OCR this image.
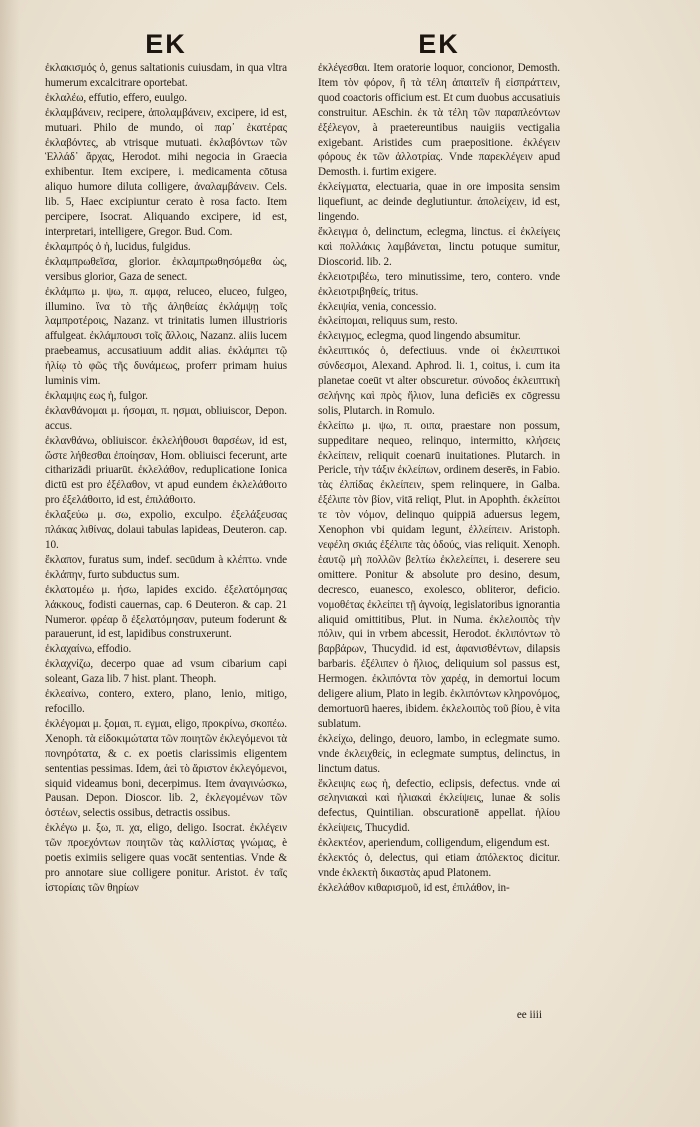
EK

ἐκλακισμός ὁ, genus saltationis cuiusdam, in qua vltra humerum excalcitrare oportebat.

ἐκλαλέω, effutio, effero, euulgo.

ἐκλαμβάνειν, recipere, ἀπολαμβάνειν, excipere, id est, mutuari. Philo de mundo, οἱ παρ᾽ ἑκατέρας ἐκλαβόντες, ab vtrisque mutuati. ἐκλαβόντων τῶν Ἑλλάδ᾽ ἄρχας, Herodot. mihi negocia in Graecia exhibentur. Item excipere, i. medicamenta cōtusa aliquo humore diluta colligere, ἀναλαμβάνειν. Cels. lib. 5, Haec excipiuntur cerato è rosa facto. Item percipere, Isocrat. Aliquando excipere, id est, interpretari, intelligere, Gregor. Bud. Com.

ἐκλαμπρός ὁ ἡ, lucidus, fulgidus.

ἐκλαμπρωθεῖσα, glorior. ἐκλαμπρωθησόμεθα ὡς, versibus glorior, Gaza de senect.

ἐκλάμπω μ. ψω, π. αμφα, reluceo, eluceo, fulgeo, illumino. ἵνα τὸ τῆς ἀληθείας ἐκλάμψῃ τοῖς λαμπροτέροις, Nazanz. vt trinitatis lumen illustrioris affulgeat. ἐκλάμπουσι τοῖς ἄλλοις, Nazanz. aliis lucem praebeamus, accusatiuum addit alias. ἐκλάμπει τῷ ἡλίῳ τὸ φῶς τῆς δυνάμεως, proferr primam huius luminis vim.

ἐκλαμψις εως ἡ, fulgor.

ἐκλανθάνομαι μ. ήσομαι, π. ησμαι, obliuiscor, Depon. accus.

ἐκλανθάνω, obliuiscor. ἐκλελήθουσι θαρσέων, id est, ὥστε λήθεσθαι ἐποίησαν, Hom. obliuisci fecerunt, arte citharizādi priuarūt. ἐκλελάθον, reduplicatione Ionica dictū est pro ἐξέλαθον, vt apud eundem ἐκλελάθοιτο pro ἐξελάθοιτο, id est, ἐπιλάθοιτο.

ἐκλαξεύω μ. σω, expolio, exculpo. ἐξελάξευσας πλάκας λιθίνας, dolaui tabulas lapideas, Deuteron. cap. 10.

ἔκλαπον, furatus sum, indef. secūdum à κλέπτω. vnde ἐκλάπην, furto subductus sum.

ἐκλατομέω μ. ήσω, lapides excido. ἐξελατόμησας λάκκους, fodisti cauernas, cap. 6 Deuteron. & cap. 21 Numeror. φρέαρ ὃ ἐξελατόμησαν, puteum foderunt & parauerunt, id est, lapidibus construxerunt.

ἐκλαχαίνω, effodio.

ἐκλαχνίζω, decerpo quae ad vsum cibarium capi soleant, Gaza lib. 7 hist. plant. Theoph.

ἐκλεαίνω, contero, extero, plano, lenio, mitigo, refocillo.

ἐκλέγομαι μ. ξομαι, π. εγμαι, eligo, προκρίνω, σκοπέω. Xenoph. τὰ εἰδοκιμώτατα τῶν ποιητῶν ἐκλεγόμενοι τὰ πονηρότατα, & c. ex poetis clarissimis eligentem sententias pessimas. Idem, ἀεὶ τὸ ἄριστον ἐκλεγόμενοι, siquid videamus boni, decerpimus. Item ἀναγινώσκω, Pausan. Depon. Dioscor. lib. 2, ἐκλεγομένων τῶν ὀστέων, selectis ossibus, detractis ossibus.

ἐκλέγω μ. ξω, π. χα, eligo, deligo. Isocrat. ἐκλέγειν τῶν προεχόντων ποιητῶν τὰς καλλίστας γνώμας, è poetis eximiis seligere quas vocāt sententias. Vnde & pro annotare siue colligere ponitur. Aristot. ἐν ταῖς ἱστορίαις τῶν θηρίων

EK

ἐκλέγεσθαι. Item oratorie loquor, concionor, Demosth. Item τὸν φόρον, ἢ τὰ τέλη ἀπαιτεῖν ἢ εἰσπράττειν, quod coactoris officium est. Et cum duobus accusatiuis construitur. AEschin. ἐκ τὰ τέλη τῶν παραπλεόντων ἐξέλεγον, à praetereuntibus nauigiis vectigalia exigebant. Aristides cum praepositione. ἐκλέγειν φόρους ἐκ τῶν ἀλλοτρίας. Vnde παρεκλέγειν apud Demosth. i. furtim exigere.

ἐκλείγματα, electuaria, quae in ore imposita sensim liquefiunt, ac deinde deglutiuntur. ἀπολείχειν, id est, lingendo.

ἔκλειγμα ὁ, delinctum, eclegma, linctus. εἰ ἐκλείγεις καὶ πολλάκις λαμβάνεται, linctu potuque sumitur, Dioscorid. lib. 2.

ἐκλειοτριβέω, tero minutissime, tero, contero. vnde ἐκλειοτριβηθείς, tritus.

ἐκλειψία, venia, concessio.

ἐκλείπομαι, reliquus sum, resto.

ἐκλειγμος, eclegma, quod lingendo absumitur.

ἐκλειπτικός ὁ, defectiuus. vnde οἱ ἐκλειπτικοὶ σύνδεσμοι, Alexand. Aphrod. li. 1, coitus, i. cum ita planetae coeūt vt alter obscuretur. σύνοδος ἐκλειπτικὴ σελήνης καὶ πρὸς ἥλιον, luna deficiēs ex cōgressu solis, Plutarch. in Romulo.

ἐκλείπω μ. ψω, π. οιπα, praestare non possum, suppeditare nequeo, relinquo, intermitto, κλήσεις ἐκλείπειν, reliquit coenarū inuitationes. Plutarch. in Pericle, τὴν τάξιν ἐκλείπων, ordinem deserēs, in Fabio. τὰς ἐλπίδας ἐκλείπειν, spem relinquere, in Galba. ἐξέλιπε τὸν βίον, vitā reliqt, Plut. in Apophth. ἐκλείποι τε τὸν νόμον, delinquo quippiā aduersus legem, Xenophon vbi quidam legunt, ἐλλείπειν. Aristoph. νεφέλη σκιάς ἐξέλιπε τὰς ὁδούς, vias reliquit. Xenoph. ἑαυτῷ μὴ πολλῶν βελτίω ἐκλελείπει, i. deserere seu omittere. Ponitur & absolute pro desino, desum, decresco, euanesco, exolesco, obliteror, deficio. νομοθέτας ἐκλείπει τῇ ἀγνοίᾳ, legislatoribus ignorantia aliquid omittitibus, Plut. in Numa. ἐκλελοιπὸς τὴν πόλιν, qui in vrbem abcessit, Herodot. ἐκλιπόντων τὸ βαρβάρων, Thucydid. id est, ἀφανισθέντων, dilapsis barbaris. ἐξέλιπεν ὁ ἥλιος, deliquium sol passus est, Hermogen. ἐκλιπόντα τὸν χαρέᾳ, in demortui locum deligere alium, Plato in legib. ἐκλιπόντων κληρονόμος, demortuorū haeres, ibidem. ἐκλελοιπὸς τοῦ βίου, è vita sublatum.

ἐκλείχω, delingo, deuoro, lambo, in eclegmate sumo. vnde ἐκλειχθείς, in eclegmate sumptus, delinctus, in linctum datus.

ἔκλειψις εως ἡ, defectio, eclipsis, defectus. vnde αἱ σεληνιακαὶ καὶ ἡλιακαὶ ἐκλείψεις, lunae & solis defectus, Quintilian. obscurationē appellat. ἡλίου ἐκλείψεις, Thucydid.

ἐκλεκτέον, aperiendum, colligendum, eligendum est.

ἐκλεκτός ὁ, delectus, qui etiam ἀπόλεκτος dicitur. vnde ἐκλεκτὴ δικαστὰς apud Platonem.

ἐκλελάθον κιθαρισμοῦ, id est, ἐπιλάθον, in-

ee iiii
